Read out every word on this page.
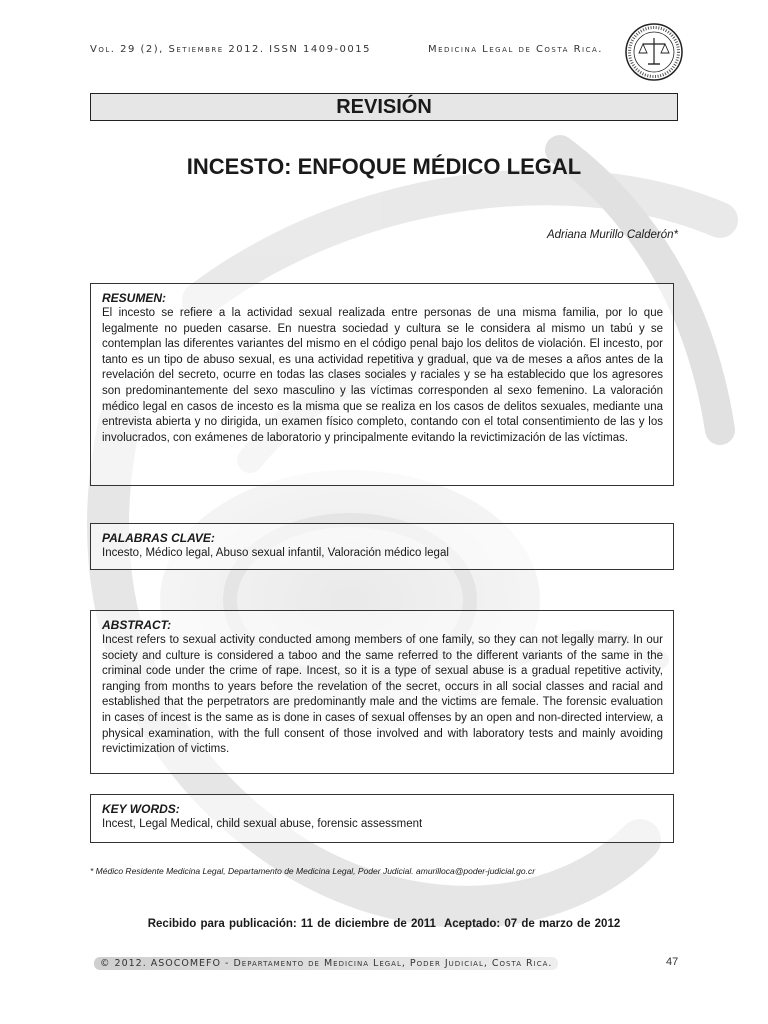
Vol. 29 (2), Setiembre 2012. ISSN 1409-0015	Medicina Legal de Costa Rica.
REVISIÓN
INCESTO: ENFOQUE MÉDICO LEGAL
Adriana Murillo Calderón*
RESUMEN:
El incesto se refiere a la actividad sexual realizada entre personas de una misma familia, por lo que legalmente no pueden casarse. En nuestra sociedad y cultura se le considera al mismo un tabú y se contemplan las diferentes variantes del mismo en el código penal bajo los delitos de violación. El incesto, por tanto es un tipo de abuso sexual, es una actividad repetitiva y gradual, que va de meses a años antes de la revelación del secreto, ocurre en todas las clases sociales y raciales y se ha establecido que los agresores son predominantemente del sexo masculino y las víctimas corresponden al sexo femenino. La valoración médico legal en casos de incesto es la misma que se realiza en los casos de delitos sexuales, mediante una entrevista abierta y no dirigida, un examen físico completo, contando con el total consentimiento de las y los involucrados, con exámenes de laboratorio y principalmente evitando la revictimización de las víctimas.
PALABRAS CLAVE:
Incesto, Médico legal, Abuso sexual infantil, Valoración médico legal
ABSTRACT:
Incest refers to sexual activity conducted among members of one family, so they can not legally marry. In our society and culture is considered a taboo and the same referred to the different variants of the same in the criminal code under the crime of rape. Incest, so it is a type of sexual abuse is a gradual repetitive activity, ranging from months to years before the revelation of the secret, occurs in all social classes and racial and established that the perpetrators are predominantly male and the victims are female. The forensic evaluation in cases of incest is the same as is done in cases of sexual offenses by an open and non-directed interview, a physical examination, with the full consent of those involved and with laboratory tests and mainly avoiding revictimization of victims.
KEY WORDS:
Incest, Legal Medical, child sexual abuse, forensic assessment
* Médico Residente Medicina Legal, Departamento de Medicina Legal, Poder Judicial. amurilloca@poder-judicial.go.cr
Recibido para publicación: 11 de diciembre de 2011 Aceptado: 07 de marzo de 2012
© 2012. ASOCOMEFO - Departamento de Medicina Legal, Poder Judicial, Costa Rica.	47
